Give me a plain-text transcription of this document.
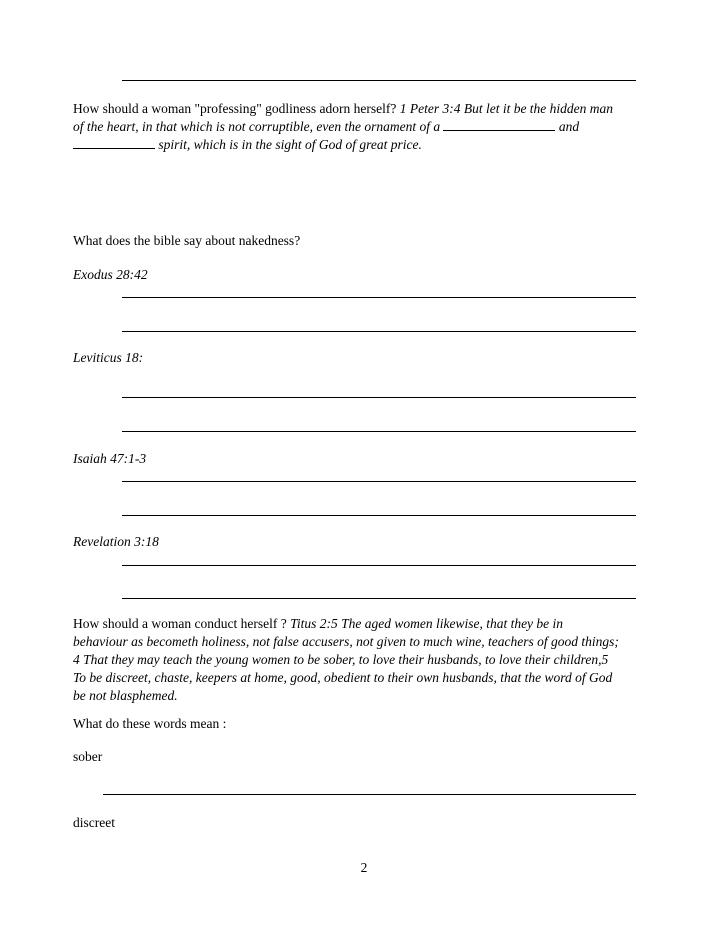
How should a woman "professing" godliness adorn herself? 1 Peter 3:4 But let it be the hidden man
of the heart, in that which is not corruptible, even the ornament of a	and
spirit, which is in the sight of God of great price.
What does the bible say about nakedness?
Exodus 28:42
Leviticus 18:
Isaiah 47:1-3
Revelation 3:18
How should a woman conduct herself ? Titus 2:5 The aged women likewise, that they be in
behaviour as becometh holiness, not false accusers, not given to much wine, teachers of good things;
4 That they may teach the young women to be sober, to love their husbands, to love their children,5
To be discreet, chaste, keepers at home, good, obedient to their own husbands, that the word of God
be not blasphemed.
What do these words mean :
sober
discreet
2
